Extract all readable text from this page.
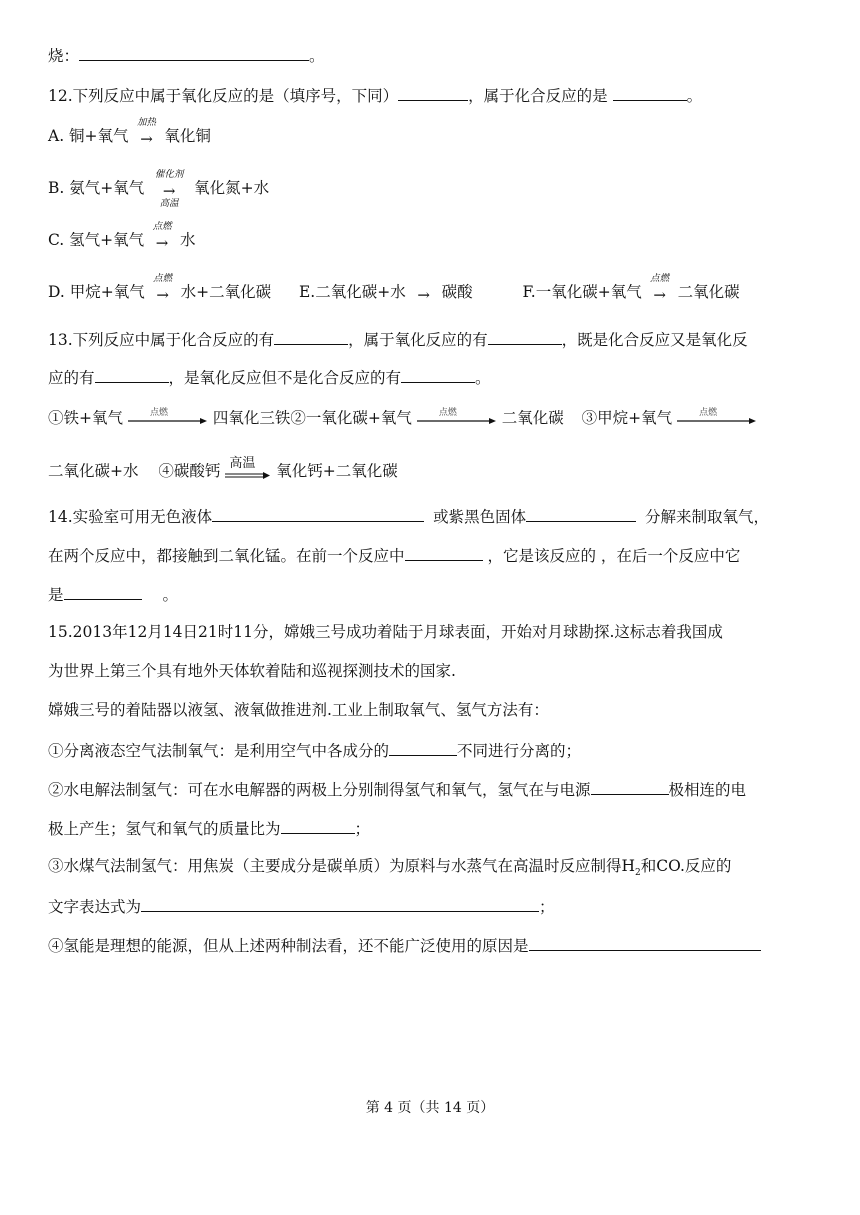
烧：	。
12.下列反应中属于氧化反应的是（填序号，下同）	，属于化合反应的是	。
A. 铜+氧气
加热
→ 氧化铜
B. 氨气+氧气
催化剂
→
高温
氧化氮+水
C. 氢气+氧气
点燃
→ 水
D. 甲烷+氧气
点燃
→ 水+二氧化碳 E.二氧化碳+水 → 碳酸	F.一氧化碳+氧气
点燃
→ 二氧化碳
13.下列反应中属于化合反应的有	，属于氧化反应的有	，既是化合反应又是氧化反
应的有	，是氧化反应但不是化合反应的有	。
①铁+氧气	点燃	四氧化三铁②一氧化碳+氧气	点燃	二氧化碳 ③甲烷+氧气	点燃
二氧化碳+水 ④碳酸钙 高温 氧化钙+二氧化碳
14.实验室可用无色液体	或紫黑色固体	分解来制取氧气，
在两个反应中，都接触到二氧化锰。在前一个反应中	，它是该反应的 ，在后一个反应中它
是	。
15.2013年12月14日21时11分，嫦娥三号成功着陆于月球表面，开始对月球勘探.这标志着我国成
为世界上第三个具有地外天体软着陆和巡视探测技术的国家.
嫦娥三号的着陆器以液氢、液氧做推进剂.工业上制取氧气、氢气方法有：
①分离液态空气法制氧气：是利用空气中各成分的	不同进行分离的；
②水电解法制氢气：可在水电解器的两极上分别制得氢气和氧气，氢气在与电源	极相连的电
极上产生；氢气和氧气的质量比为	；
③水煤气法制氢气：用焦炭（主要成分是碳单质）为原料与水蒸气在高温时反应制得$H_2$和CO.反应的
文字表达式为	；
④氢能是理想的能源，但从上述两种制法看，还不能广泛使用的原因是
第 4 页（共 14 页）
